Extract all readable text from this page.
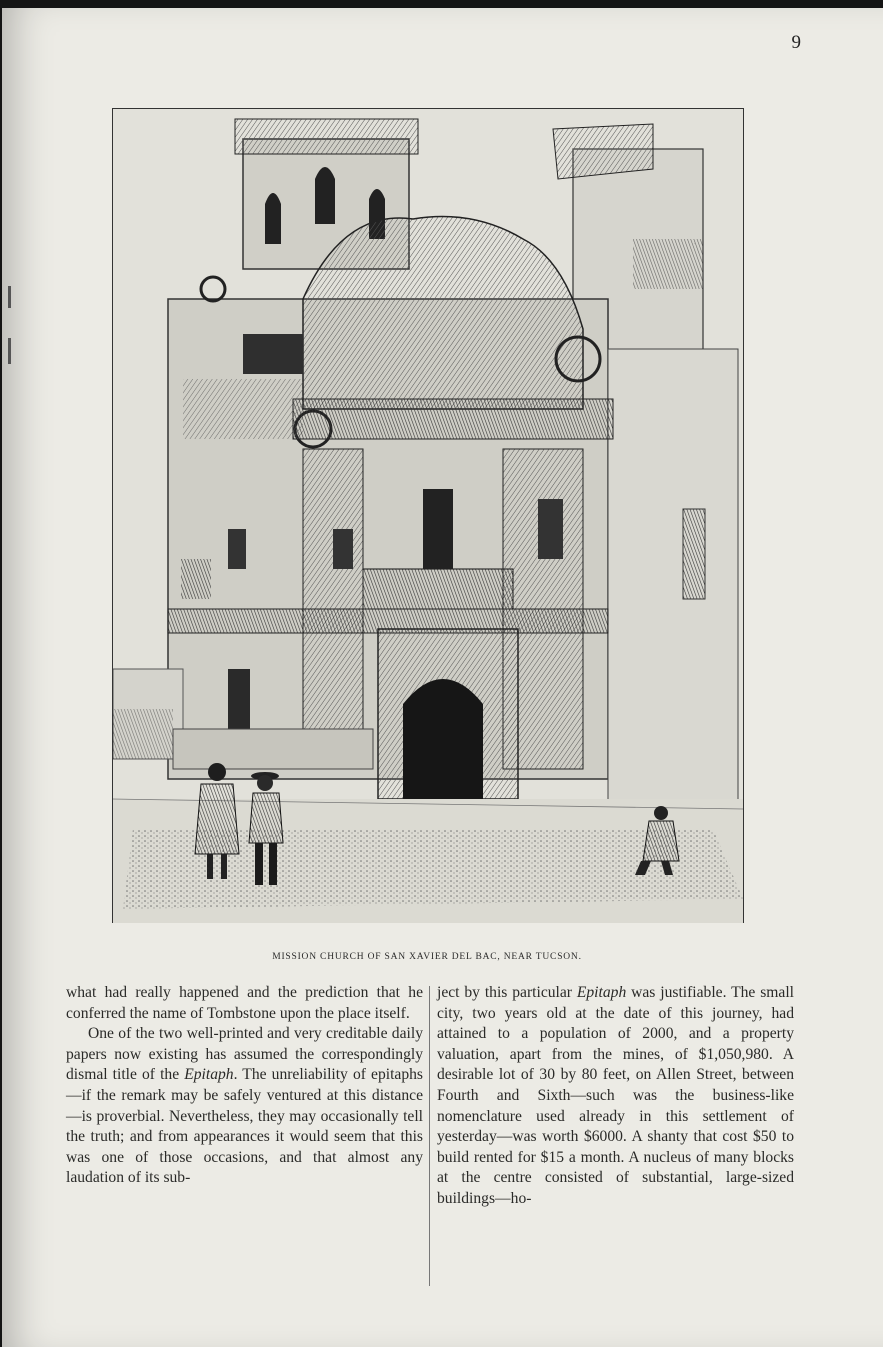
9
MISSION CHURCH OF SAN XAVIER DEL BAC, NEAR TUCSON.

what had really happened and the prediction that he conferred the name of Tombstone upon the place itself.

One of the two well-printed and very creditable daily papers now existing has assumed the correspondingly dismal title of the Epitaph. The unreliability of epitaphs—if the remark may be safely ventured at this distance—is proverbial. Nevertheless, they may occasionally tell the truth; and from appearances it would seem that this was one of those occasions, and that almost any laudation of its sub-

ject by this particular Epitaph was justifiable. The small city, two years old at the date of this journey, had attained to a population of 2000, and a property valuation, apart from the mines, of $1,050,980. A desirable lot of 30 by 80 feet, on Allen Street, between Fourth and Sixth—such was the business-like nomenclature used already in this settlement of yesterday—was worth $6000. A shanty that cost $50 to build rented for $15 a month. A nucleus of many blocks at the centre consisted of substantial, large-sized buildings—ho-
